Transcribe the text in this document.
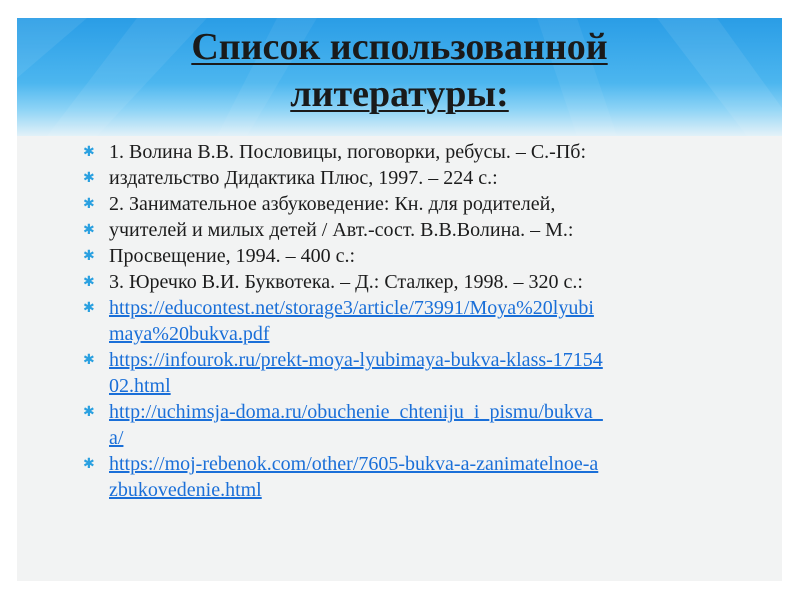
Список использованной
литературы:
✱ 1. Волина В.В. Пословицы, поговорки, ребусы. – С.-Пб:
✱ издательство Дидактика Плюс, 1997. – 224 с.:
✱ 2. Занимательное азбуковедение: Кн. для родителей,
✱ учителей и милых детей / Авт.-сост. В.В.Волина. – М.:
✱ Просвещение, 1994. – 400 с.:
✱ 3. Юречко В.И. Буквотека. – Д.: Сталкер, 1998. – 320 с.:
✱ https://educontest.net/storage3/article/73991/Moya%20lyubi
maya%20bukva.pdf
✱ https://infourok.ru/prekt-moya-lyubimaya-bukva-klass-17154
02.html
✱ http://uchimsja-doma.ru/obuchenie_chteniju_i_pismu/bukva_
a/
✱ https://moj-rebenok.com/other/7605-bukva-a-zanimatelnoe-a
zbukovedenie.html
